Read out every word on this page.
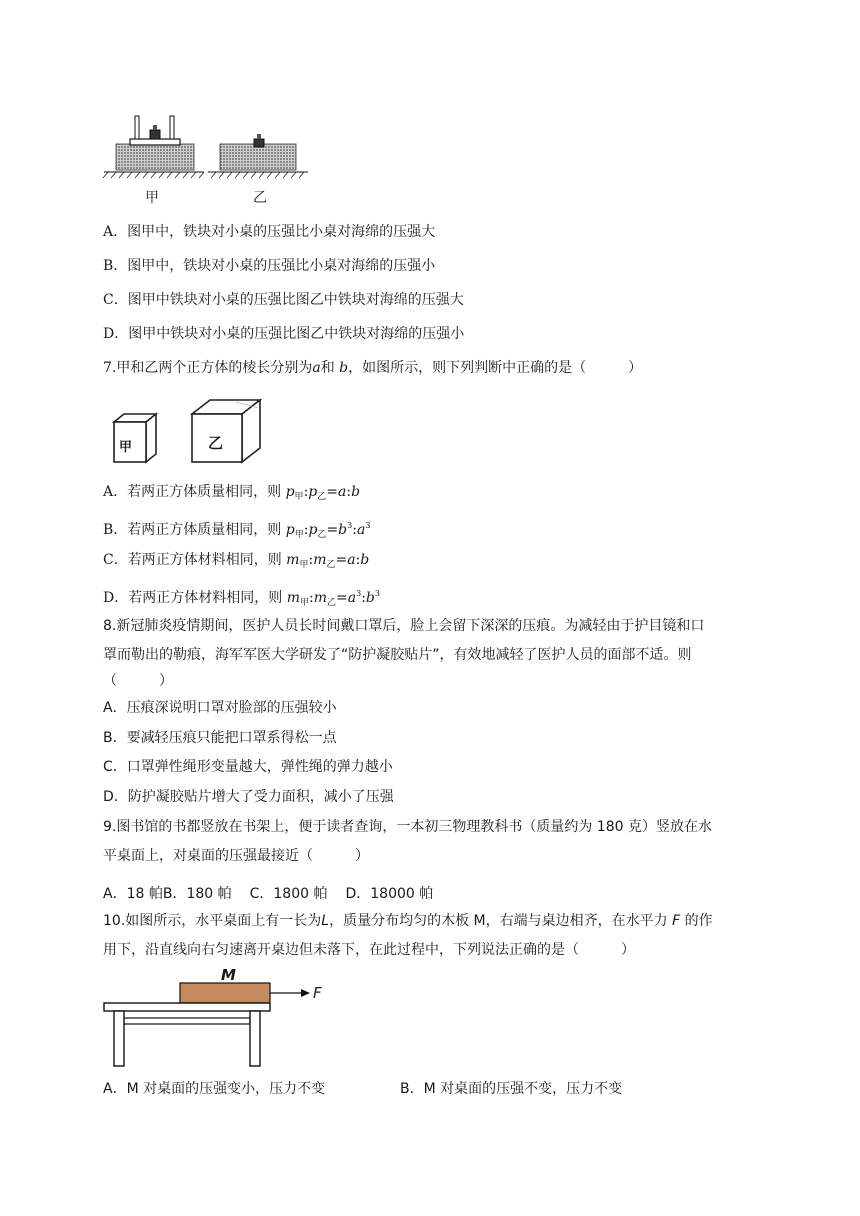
甲	乙
A．图甲中，铁块对小桌的压强比小桌对海绵的压强大
B．图甲中，铁块对小桌的压强比小桌对海绵的压强小
C．图甲中铁块对小桌的压强比图乙中铁块对海绵的压强大
D．图甲中铁块对小桌的压强比图乙中铁块对海绵的压强小
7.甲和乙两个正方体的棱长分别为a和 b，如图所示，则下列判断中正确的是（　　　）
甲	乙
A．若两正方体质量相同，则 $p_甲:p_乙=a:b$
B．若两正方体质量相同，则 $p_甲:p_乙=b^3:a^3$
C．若两正方体材料相同，则 $m_甲:m_乙=a:b$
D．若两正方体材料相同，则 $m_甲:m_乙=a^3:b^3$
8.新冠肺炎疫情期间，医护人员长时间戴口罩后，脸上会留下深深的压痕。为减轻由于护目镜和口
罩而勒出的勒痕，海军军医大学研发了“防护凝胶贴片”，有效地减轻了医护人员的面部不适。则
（　　　）
A．压痕深说明口罩对脸部的压强较小
B．要减轻压痕只能把口罩系得松一点
C．口罩弹性绳形变量越大，弹性绳的弹力越小
D．防护凝胶贴片增大了受力面积，减小了压强
9.图书馆的书都竖放在书架上，便于读者查询，一本初三物理教科书（质量约为 180 克）竖放在水
平桌面上，对桌面的压强最接近（　　　）
A．18 帕B．180 帕 C．1800 帕 D．18000 帕
10.如图所示，水平桌面上有一长为L，质量分布均匀的木板 M，右端与桌边相齐，在水平力 F 的作
用下，沿直线向右匀速离开桌边但未落下，在此过程中，下列说法正确的是（　　　）
M
F
A．M 对桌面的压强变小，压力不变	B．M 对桌面的压强不变，压力不变
